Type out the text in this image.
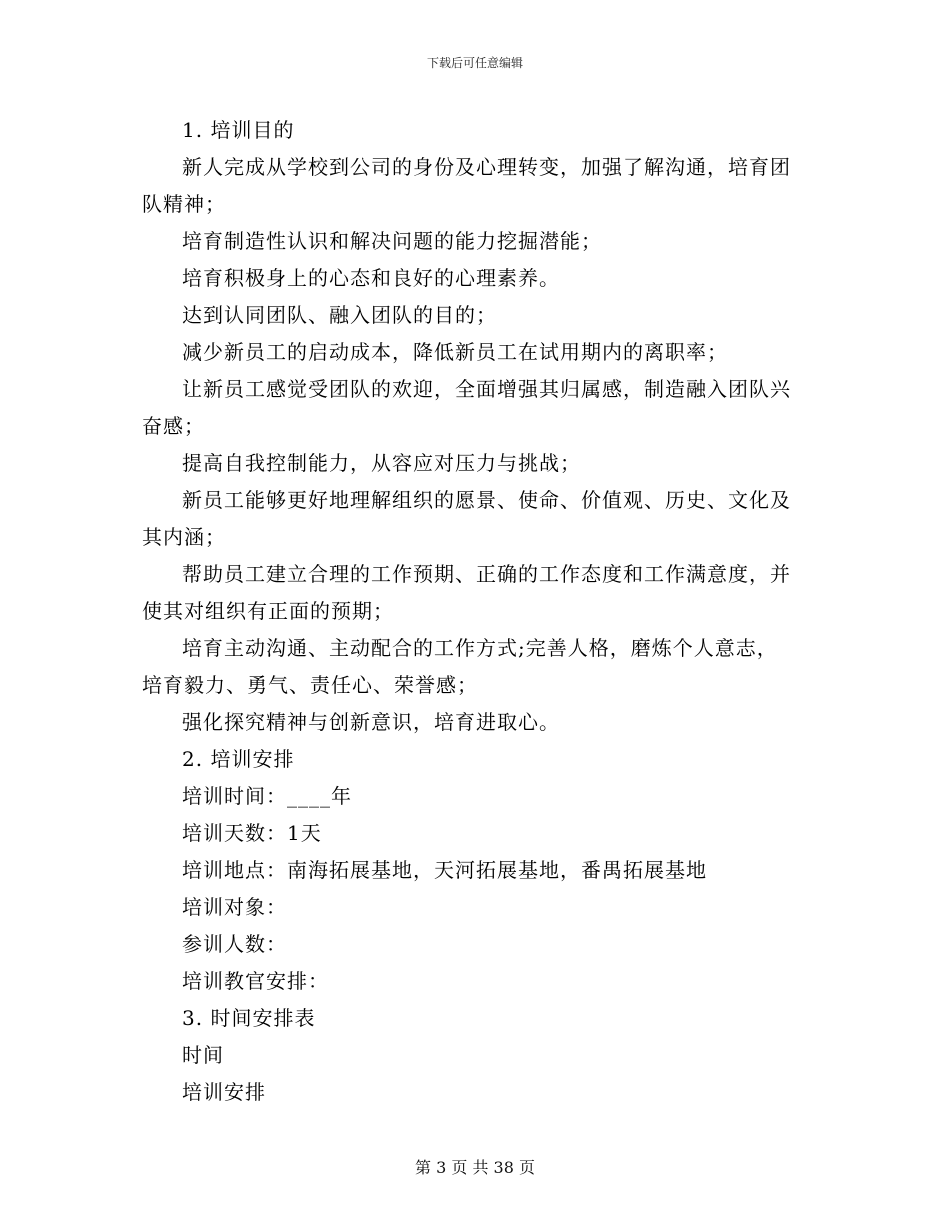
下载后可任意编辑

1. 培训目的

新人完成从学校到公司的身份及心理转变，加强了解沟通，培育团队精神；

培育制造性认识和解决问题的能力挖掘潜能；

培育积极身上的心态和良好的心理素养。

达到认同团队、融入团队的目的；

减少新员工的启动成本，降低新员工在试用期内的离职率；

让新员工感觉受团队的欢迎，全面增强其归属感，制造融入团队兴奋感；

提高自我控制能力，从容应对压力与挑战；

新员工能够更好地理解组织的愿景、使命、价值观、历史、文化及其内涵；

帮助员工建立合理的工作预期、正确的工作态度和工作满意度，并使其对组织有正面的预期；

培育主动沟通、主动配合的工作方式;完善人格，磨炼个人意志，培育毅力、勇气、责任心、荣誉感；

强化探究精神与创新意识，培育进取心。

2. 培训安排

培训时间：____年

培训天数：1天

培训地点：南海拓展基地，天河拓展基地，番禺拓展基地

培训对象：

参训人数：

培训教官安排：

3. 时间安排表

时间

培训安排

第 3 页 共 38 页
